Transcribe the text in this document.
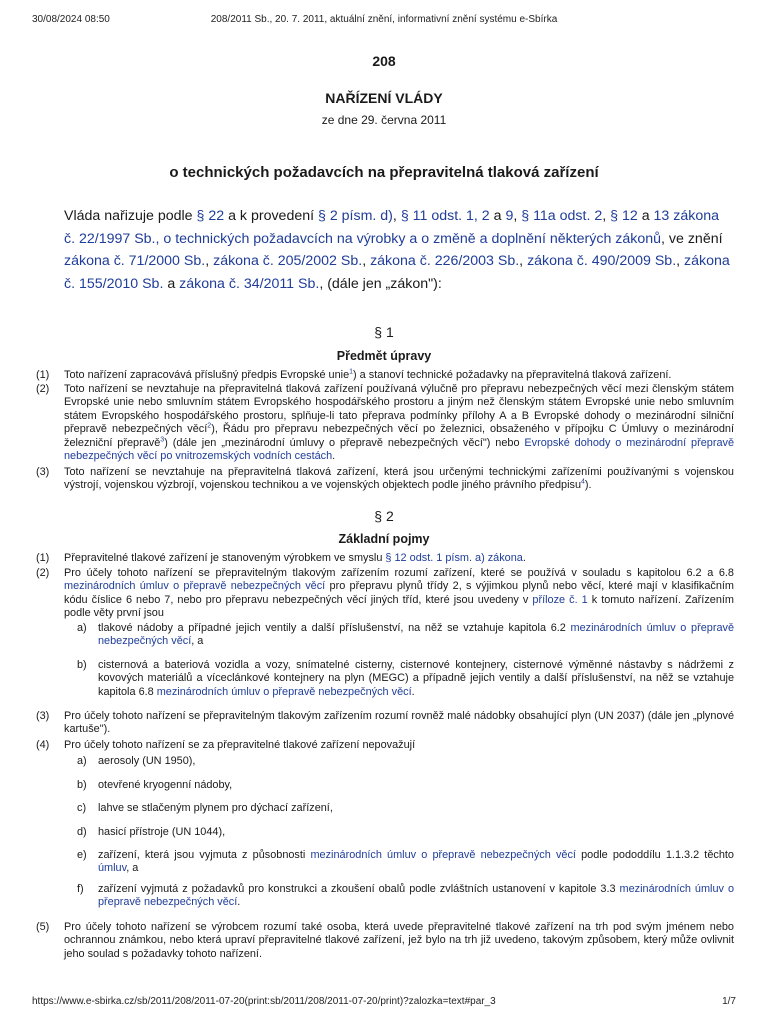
30/08/2024 08:50	208/2011 Sb., 20. 7. 2011, aktuální znění, informativní znění systému e-Sbírka
208
NAŘÍZENÍ VLÁDY
ze dne 29. června 2011
o technických požadavcích na přepravitelná tlaková zařízení
Vláda nařizuje podle § 22 a k provedení § 2 písm. d), § 11 odst. 1, 2 a 9, § 11a odst. 2, § 12 a 13 zákona č. 22/1997 Sb., o technických požadavcích na výrobky a o změně a doplnění některých zákonů, ve znění zákona č. 71/2000 Sb., zákona č. 205/2002 Sb., zákona č. 226/2003 Sb., zákona č. 490/2009 Sb., zákona č. 155/2010 Sb. a zákona č. 34/2011 Sb., (dále jen „zákon"):
§ 1
Předmět úpravy
(1) Toto nařízení zapracovává příslušný předpis Evropské unie$^1$) a stanoví technické požadavky na přepravitelná tlaková zařízení.
(2) Toto nařízení se nevztahuje na přepravitelná tlaková zařízení používaná výlučně pro přepravu nebezpečných věcí mezi členským státem Evropské unie nebo smluvním státem Evropského hospodářského prostoru a jiným než členským státem Evropské unie nebo smluvním státem Evropského hospodářského prostoru, splňuje-li tato přeprava podmínky přílohy A a B Evropské dohody o mezinárodní silniční přepravě nebezpečných věcí$^2$), Řádu pro přepravu nebezpečných věcí po železnici, obsaženého v přípojku C Úmluvy o mezinárodní železniční přepravě$^3$) (dále jen „mezinárodní úmluvy o přepravě nebezpečných věcí") nebo Evropské dohody o mezinárodní přepravě nebezpečných věcí po vnitrozemských vodních cestách.
(3) Toto nařízení se nevztahuje na přepravitelná tlaková zařízení, která jsou určenými technickými zařízeními používanými s vojenskou výstrojí, vojenskou výzbrojí, vojenskou technikou a ve vojenských objektech podle jiného právního předpisu$^4$).
§ 2
Základní pojmy
(1) Přepravitelné tlakové zařízení je stanoveným výrobkem ve smyslu § 12 odst. 1 písm. a) zákona.
(2) Pro účely tohoto nařízení se přepravitelným tlakovým zařízením rozumí zařízení, které se používá v souladu s kapitolou 6.2 a 6.8 mezinárodních úmluv o přepravě nebezpečných věcí pro přepravu plynů třídy 2, s výjimkou plynů nebo věcí, které mají v klasifikačním kódu číslice 6 nebo 7, nebo pro přepravu nebezpečných věcí jiných tříd, které jsou uvedeny v příloze č. 1 k tomuto nařízení. Zařízením podle věty první jsou
a) tlakové nádoby a případné jejich ventily a další příslušenství, na něž se vztahuje kapitola 6.2 mezinárodních úmluv o přepravě nebezpečných věcí, a
b) cisternová a bateriová vozidla a vozy, snímatelné cisterny, cisternové kontejnery, cisternové výměnné nástavby s nádržemi z kovových materiálů a víceclánkové kontejnery na plyn (MEGC) a případně jejich ventily a další příslušenství, na něž se vztahuje kapitola 6.8 mezinárodních úmluv o přepravě nebezpečných věcí.
(3) Pro účely tohoto nařízení se přepravitelným tlakovým zařízením rozumí rovněž malé nádobky obsahující plyn (UN 2037) (dále jen „plynové kartuše").
(4) Pro účely tohoto nařízení se za přepravitelné tlakové zařízení nepovažují
a) aerosoly (UN 1950),
b) otevřené kryogenní nádoby,
c) lahve se stlačeným plynem pro dýchací zařízení,
d) hasicí přístroje (UN 1044),
e) zařízení, která jsou vyjmuta z působnosti mezinárodních úmluv o přepravě nebezpečných věcí podle pododdílu 1.1.3.2 těchto úmluv, a
f) zařízení vyjmutá z požadavků pro konstrukci a zkoušení obalů podle zvláštních ustanovení v kapitole 3.3 mezinárodních úmluv o přepravě nebezpečných věcí.
(5) Pro účely tohoto nařízení se výrobcem rozumí také osoba, která uvede přepravitelné tlakové zařízení na trh pod svým jménem nebo ochrannou známkou, nebo která upraví přepravitelné tlakové zařízení, jež bylo na trh již uvedeno, takovým způsobem, který může ovlivnit jeho soulad s požadavky tohoto nařízení.
https://www.e-sbirka.cz/sb/2011/208/2011-07-20(print:sb/2011/208/2011-07-20/print)?zalozka=text#par_3	1/7
